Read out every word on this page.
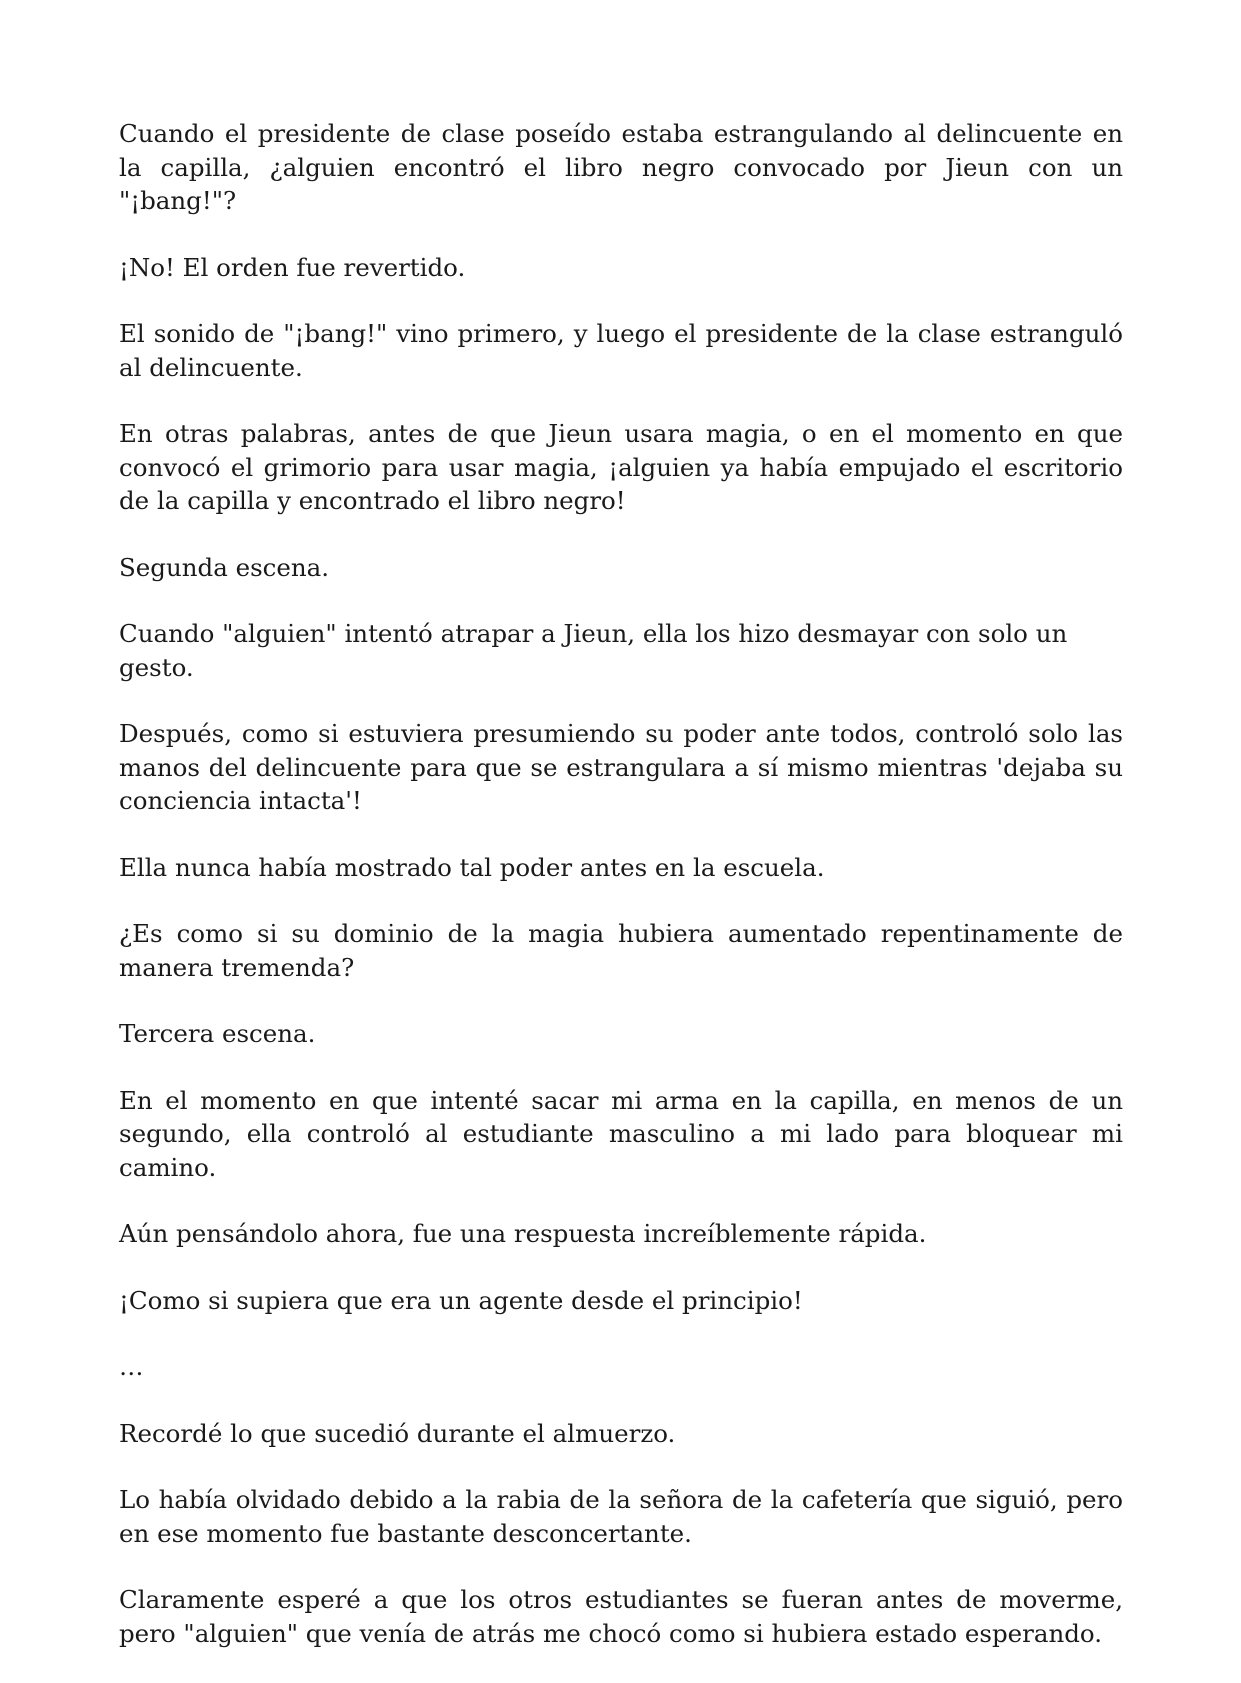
Cuando el presidente de clase poseído estaba estrangulando al delincuente en la capilla, ¿alguien encontró el libro negro convocado por Jieun con un "¡bang!"?

¡No! El orden fue revertido.

El sonido de "¡bang!" vino primero, y luego el presidente de la clase estranguló al delincuente.

En otras palabras, antes de que Jieun usara magia, o en el momento en que convocó el grimorio para usar magia, ¡alguien ya había empujado el escritorio de la capilla y encontrado el libro negro!

Segunda escena.

Cuando "alguien" intentó atrapar a Jieun, ella los hizo desmayar con solo un gesto.

Después, como si estuviera presumiendo su poder ante todos, controló solo las manos del delincuente para que se estrangulara a sí mismo mientras 'dejaba su conciencia intacta'!

Ella nunca había mostrado tal poder antes en la escuela.

¿Es como si su dominio de la magia hubiera aumentado repentinamente de manera tremenda?

Tercera escena.

En el momento en que intenté sacar mi arma en la capilla, en menos de un segundo, ella controló al estudiante masculino a mi lado para bloquear mi camino.

Aún pensándolo ahora, fue una respuesta increíblemente rápida.

¡Como si supiera que era un agente desde el principio!

…

Recordé lo que sucedió durante el almuerzo.

Lo había olvidado debido a la rabia de la señora de la cafetería que siguió, pero en ese momento fue bastante desconcertante.

Claramente esperé a que los otros estudiantes se fueran antes de moverme, pero "alguien" que venía de atrás me chocó como si hubiera estado esperando.
